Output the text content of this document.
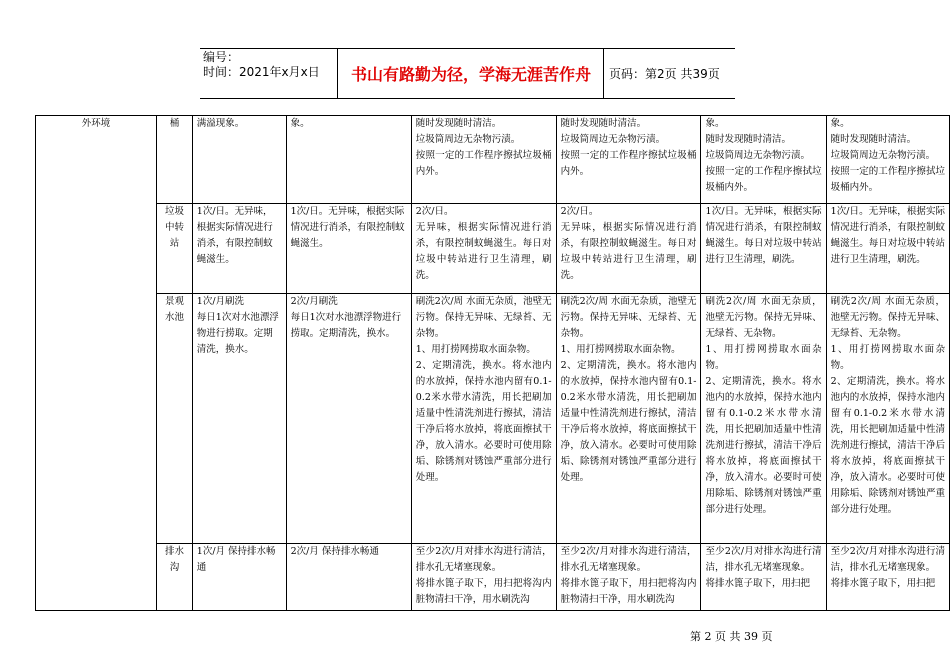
编号：
时间：2021年x月x日	书山有路勤为径，学海无涯苦作舟	页码：第2页 共39页
外环境	桶	满溢现象。	象。	随时发现随时清洁。
垃圾筒周边无杂物污渍。
按照一定的工作程序擦拭垃圾桶内外。	随时发现随时清洁。
垃圾筒周边无杂物污渍。
按照一定的工作程序擦拭垃圾桶内外。	象。
随时发现随时清洁。
垃圾筒周边无杂物污渍。
按照一定的工作程序擦拭垃圾桶内外。	象。
随时发现随时清洁。
垃圾筒周边无杂物污渍。
按照一定的工作程序擦拭垃圾桶内外。
	垃圾中转站	1次/日。无异味，根据实际情况进行消杀，有限控制蚊蝇滋生。	1次/日。无异味，根据实际情况进行消杀，有限控制蚊蝇滋生。	2次/日。
无异味，根据实际情况进行消杀，有限控制蚊蝇滋生。每日对垃圾中转站进行卫生清理，刷洗。	2次/日。
无异味，根据实际情况进行消杀，有限控制蚊蝇滋生。每日对垃圾中转站进行卫生清理，刷洗。	1次/日。无异味，根据实际情况进行消杀，有限控制蚊蝇滋生。每日对垃圾中转站进行卫生清理，刷洗。	1次/日。无异味，根据实际情况进行消杀，有限控制蚊蝇滋生。每日对垃圾中转站进行卫生清理，刷洗。
	景观水池	1次/月刷洗
每日1次对水池漂浮物进行捞取。定期清洗，换水。	2次/月刷洗
每日1次对水池漂浮物进行捞取。定期清洗，换水。	刷洗2次/周 水面无杂质，池壁无污物。保持无异味、无绿苔、无杂物。
1、用打捞网捞取水面杂物。
2、定期清洗，换水。将水池内的水放掉，保持水池内留有0.1-0.2米水带水清洗，用长把刷加适量中性清洗剂进行擦拭，清洁干净后将水放掉，将底面擦拭干净，放入清水。必要时可使用除垢、除锈剂对锈蚀严重部分进行处理。	刷洗2次/周 水面无杂质，池壁无污物。保持无异味、无绿苔、无杂物。
1、用打捞网捞取水面杂物。
2、定期清洗，换水。将水池内的水放掉，保持水池内留有0.1-0.2米水带水清洗，用长把刷加适量中性清洗剂进行擦拭，清洁干净后将水放掉，将底面擦拭干净，放入清水。必要时可使用除垢、除锈剂对锈蚀严重部分进行处理。	刷洗2次/周 水面无杂质，池壁无污物。保持无异味、无绿苔、无杂物。
1、用打捞网捞取水面杂物。
2、定期清洗，换水。将水池内的水放掉，保持水池内留有0.1-0.2米水带水清洗，用长把刷加适量中性清洗剂进行擦拭，清洁干净后将水放掉，将底面擦拭干净，放入清水。必要时可使用除垢、除锈剂对锈蚀严重部分进行处理。	刷洗2次/周 水面无杂质，池壁无污物。保持无异味、无绿苔、无杂物。
1、用打捞网捞取水面杂物。
2、定期清洗，换水。将水池内的水放掉，保持水池内留有0.1-0.2米水带水清洗，用长把刷加适量中性清洗剂进行擦拭，清洁干净后将水放掉，将底面擦拭干净，放入清水。必要时可使用除垢、除锈剂对锈蚀严重部分进行处理。
	排水沟	1次/月 保持排水畅通	2次/月 保持排水畅通	至少2次/月对排水沟进行清洁，排水孔无堵塞现象。
将排水篦子取下，用扫把将沟内脏物清扫干净，用水刷洗沟	至少2次/月对排水沟进行清洁，排水孔无堵塞现象。
将排水篦子取下，用扫把将沟内脏物清扫干净，用水刷洗沟	至少2次/月对排水沟进行清洁，排水孔无堵塞现象。
将排水篦子取下，用扫把	至少2次/月对排水沟进行清洁，排水孔无堵塞现象。
将排水篦子取下，用扫把
第 2 页 共 39 页
